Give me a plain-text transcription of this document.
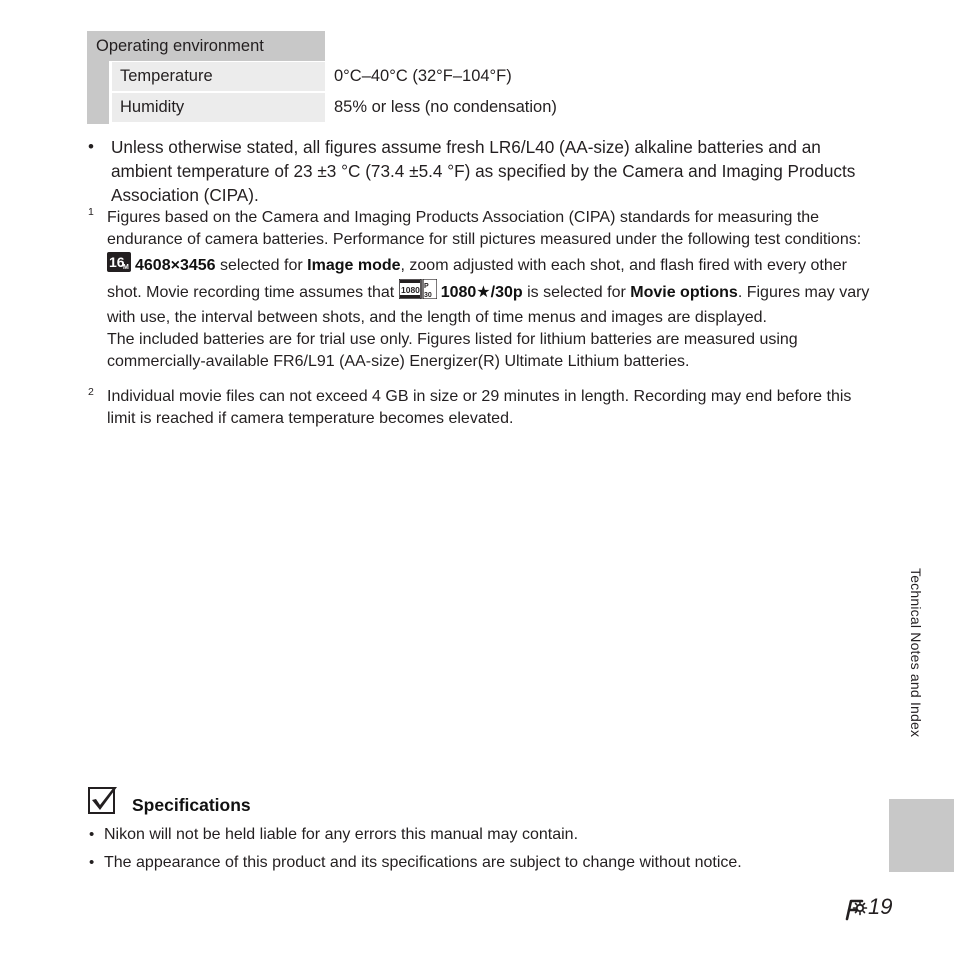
Operating environment
Temperature	0°C–40°C (32°F–104°F)
Humidity	85% or less (no condensation)
• Unless otherwise stated, all figures assume fresh LR6/L40 (AA-size) alkaline batteries and an ambient temperature of 23 ±3 °C (73.4 ±5.4 °F) as specified by the Camera and Imaging Products Association (CIPA).
1 Figures based on the Camera and Imaging Products Association (CIPA) standards for measuring the endurance of camera batteries. Performance for still pictures measured under the following test conditions:
16
M 4608×3456 selected for Image mode, zoom adjusted with each shot, and flash fired with every other shot. Movie recording time assumes that 1080 P
30 1080★/30p is selected for Movie options. Figures may vary with use, the interval between shots, and the length of time menus and images are displayed.

The included batteries are for trial use only. Figures listed for lithium batteries are measured using commercially-available FR6/L91 (AA-size) Energizer(R) Ultimate Lithium batteries.

2 Individual movie files can not exceed 4 GB in size or 29 minutes in length. Recording may end before this limit is reached if camera temperature becomes elevated.
Technical Notes and Index
Specifications
• Nikon will not be held liable for any errors this manual may contain.
• The appearance of this product and its specifications are subject to change without notice.
19
